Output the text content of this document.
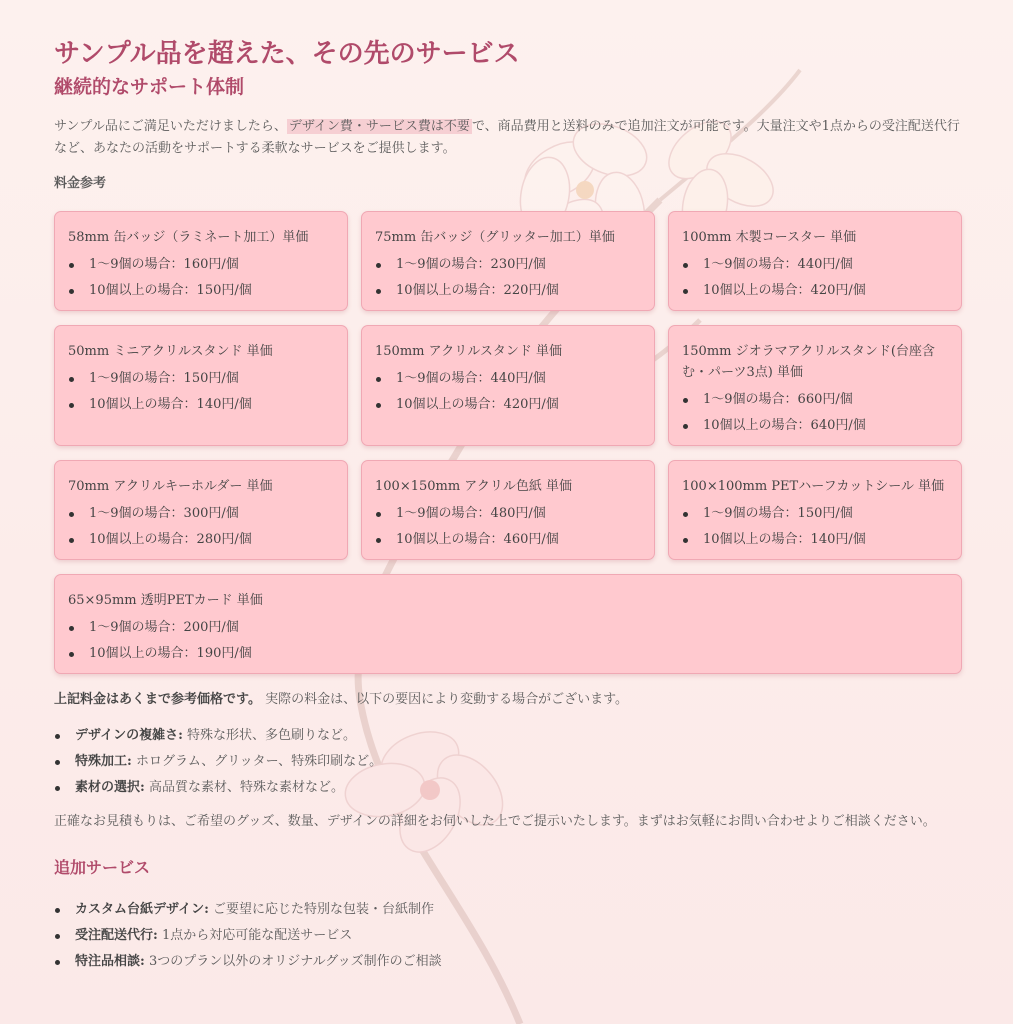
サンプル品を超えた、その先のサービス
継続的なサポート体制

サンプル品にご満足いただけましたら、 デザイン費・サービス費は不要 で、商品費用と送料のみで追加注文が可能です。大量注文や1点からの受注配送代行など、あなたの活動をサポートする柔軟なサービスをご提供します。

料金参考

58mm 缶バッジ（ラミネート加工）単価
1〜9個の場合：160円/個
10個以上の場合：150円/個
75mm 缶バッジ（グリッター加工）単価
1〜9個の場合：230円/個
10個以上の場合：220円/個
100mm 木製コースター 単価
1〜9個の場合：440円/個
10個以上の場合：420円/個
50mm ミニアクリルスタンド 単価
1〜9個の場合：150円/個
10個以上の場合：140円/個
150mm アクリルスタンド 単価
1〜9個の場合：440円/個
10個以上の場合：420円/個
150mm ジオラマアクリルスタンド(台座含む・パーツ3点) 単価
1〜9個の場合：660円/個
10個以上の場合：640円/個
70mm アクリルキーホルダー 単価
1〜9個の場合：300円/個
10個以上の場合：280円/個
100×150mm アクリル色紙 単価
1〜9個の場合：480円/個
10個以上の場合：460円/個
100×100mm PETハーフカットシール 単価
1〜9個の場合：150円/個
10個以上の場合：140円/個
65×95mm 透明PETカード 単価
1〜9個の場合：200円/個
10個以上の場合：190円/個

上記料金はあくまで参考価格です。 実際の料金は、以下の要因により変動する場合がございます。

デザインの複雑さ: 特殊な形状、多色刷りなど。
特殊加工: ホログラム、グリッター、特殊印刷など。
素材の選択: 高品質な素材、特殊な素材など。

正確なお見積もりは、ご希望のグッズ、数量、デザインの詳細をお伺いした上でご提示いたします。まずはお気軽にお問い合わせよりご相談ください。

追加サービス
カスタム台紙デザイン: ご要望に応じた特別な包装・台紙制作
受注配送代行: 1点から対応可能な配送サービス
特注品相談: 3つのプラン以外のオリジナルグッズ制作のご相談
